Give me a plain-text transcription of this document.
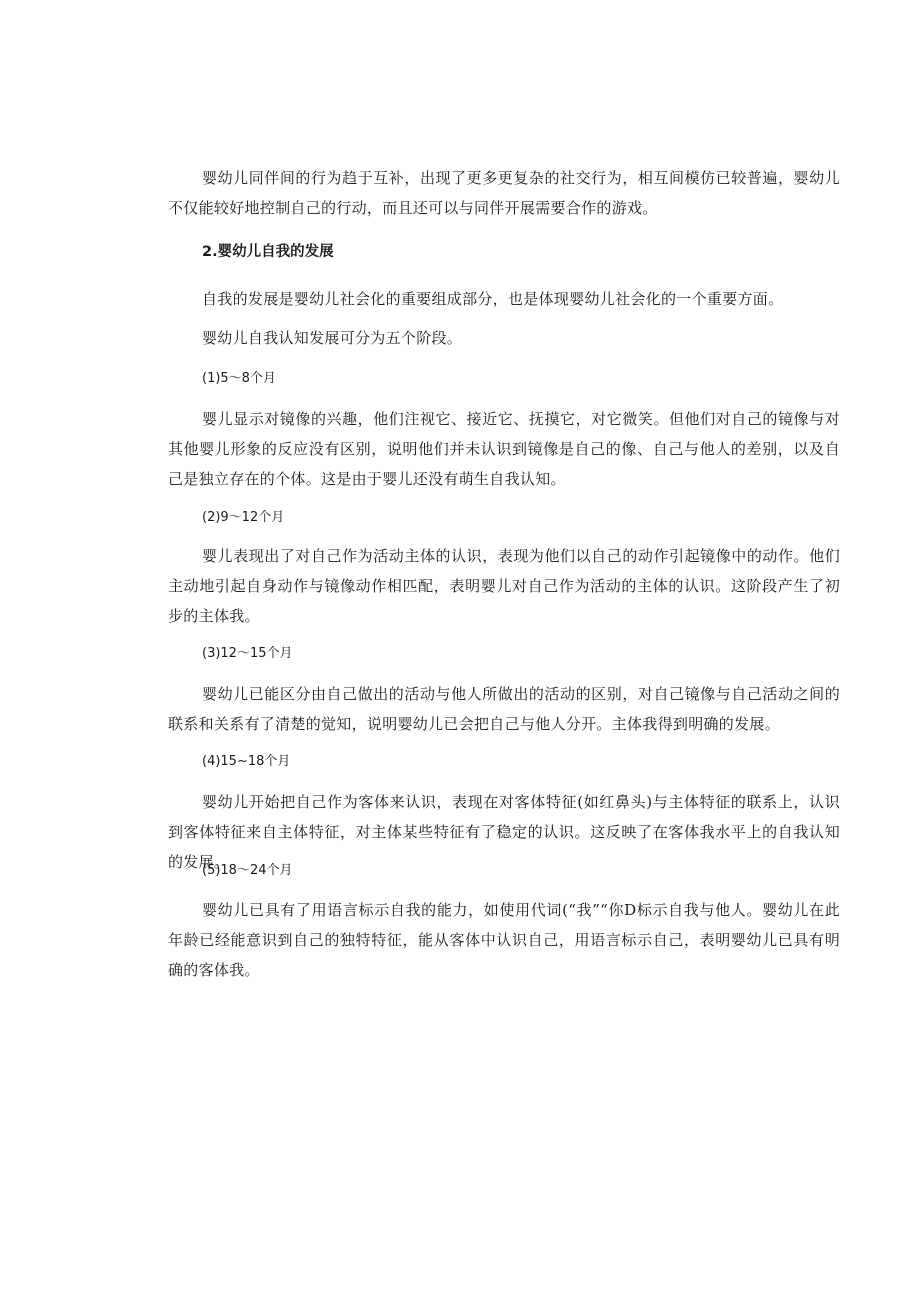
婴幼儿同伴间的行为趋于互补，出现了更多更复杂的社交行为，相互间模仿已较普遍，婴幼儿不仅能较好地控制自己的行动，而且还可以与同伴开展需要合作的游戏。

2.婴幼儿自我的发展

自我的发展是婴幼儿社会化的重要组成部分，也是体现婴幼儿社会化的一个重要方面。

婴幼儿自我认知发展可分为五个阶段。

(1)5～8个月

婴儿显示对镜像的兴趣，他们注视它、接近它、抚摸它，对它微笑。但他们对自己的镜像与对其他婴儿形象的反应没有区别，说明他们并未认识到镜像是自己的像、自己与他人的差别，以及自己是独立存在的个体。这是由于婴儿还没有萌生自我认知。

(2)9～12个月

婴儿表现出了对自己作为活动主体的认识，表现为他们以自己的动作引起镜像中的动作。他们主动地引起自身动作与镜像动作相匹配，表明婴儿对自己作为活动的主体的认识。这阶段产生了初步的主体我。

(3)12～15个月

婴幼儿已能区分由自己做出的活动与他人所做出的活动的区别，对自己镜像与自己活动之间的联系和关系有了清楚的觉知，说明婴幼儿已会把自己与他人分开。主体我得到明确的发展。

(4)15~18个月

婴幼儿开始把自己作为客体来认识，表现在对客体特征(如红鼻头)与主体特征的联系上，认识到客体特征来自主体特征，对主体某些特征有了稳定的认识。这反映了在客体我水平上的自我认知的发展。

(5)18～24个月

婴幼儿已具有了用语言标示自我的能力，如使用代词(“我”“你D标示自我与他人。婴幼儿在此年龄已经能意识到自己的独特特征，能从客体中认识自己，用语言标示自己，表明婴幼儿已具有明确的客体我。
